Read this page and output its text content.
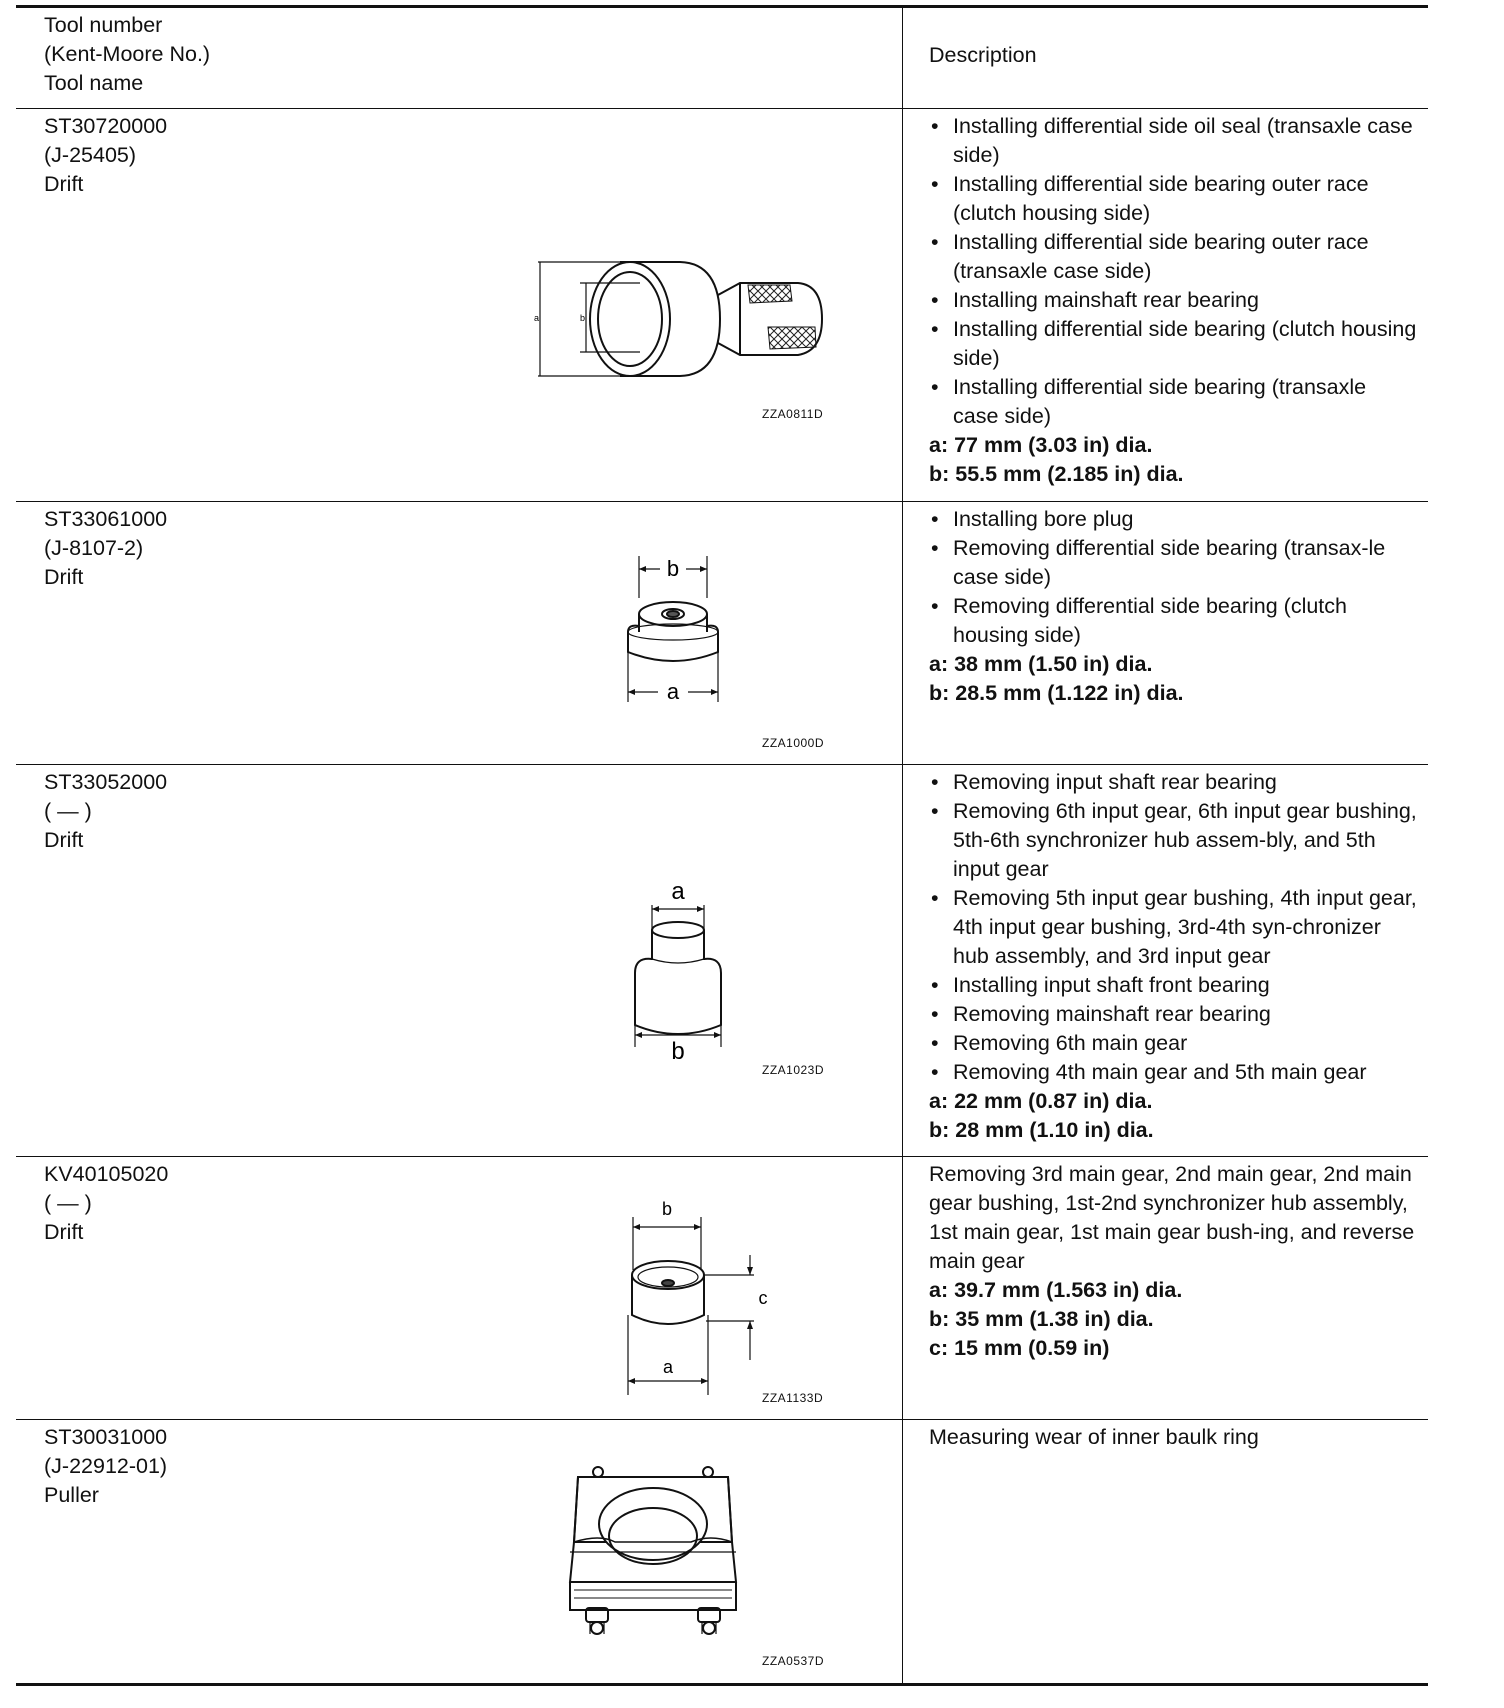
Tool number
(Kent-Moore No.)
Tool name
Description
ST30720000
(J-25405)
Drift
a	b
ZZA0811D
• Installing differential side oil seal (transaxle case side)
• Installing differential side bearing outer race (clutch housing side)
• Installing differential side bearing outer race (transaxle case side)
• Installing mainshaft rear bearing
• Installing differential side bearing (clutch housing side)
• Installing differential side bearing (transaxle case side)
a: 77 mm (3.03 in) dia.
b: 55.5 mm (2.185 in) dia.
ST33061000
(J-8107-2)
Drift	b
a
ZZA1000D
• Installing bore plug
• Removing differential side bearing (transax-le case side)
• Removing differential side bearing (clutch housing side)
a: 38 mm (1.50 in) dia.
b: 28.5 mm (1.122 in) dia.
ST33052000
( — )
Drift
a
b
ZZA1023D
• Removing input shaft rear bearing
• Removing 6th input gear, 6th input gear bushing, 5th-6th synchronizer hub assem-bly, and 5th input gear
• Removing 5th input gear bushing, 4th input gear, 4th input gear bushing, 3rd-4th syn-chronizer hub assembly, and 3rd input gear
• Installing input shaft front bearing
• Removing mainshaft rear bearing
• Removing 6th main gear
• Removing 4th main gear and 5th main gear
a: 22 mm (0.87 in) dia.
b: 28 mm (1.10 in) dia.
KV40105020
( — )
Drift
b
c
a
ZZA1133D

Removing 3rd main gear, 2nd main gear, 2nd main gear bushing, 1st-2nd synchronizer hub assembly, 1st main gear, 1st main gear bush-ing, and reverse main gear

a: 39.7 mm (1.563 in) dia.
b: 35 mm (1.38 in) dia.
c: 15 mm (0.59 in)
ST30031000
(J-22912-01)
Puller
ZZA0537D

Measuring wear of inner baulk ring
